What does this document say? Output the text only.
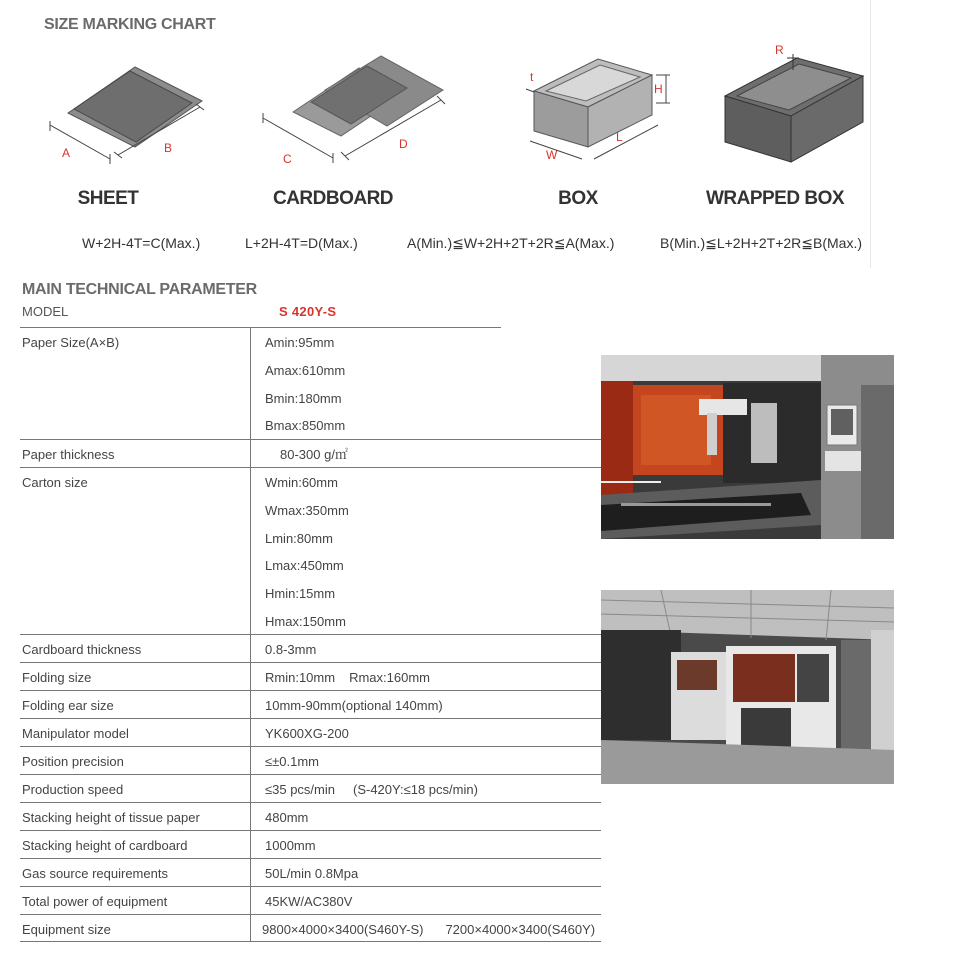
SIZE MARKING CHART
A	B
C
D
t
H
L
W
R
SHEET	CARDBOARD	BOX	WRAPPED BOX
W+2H-4T=C(Max.)	L+2H-4T=D(Max.)	A(Min.)≦W+2H+2T+2R≦A(Max.)	B(Min.)≦L+2H+2T+2R≦B(Max.)
MAIN TECHNICAL PARAMETER
MODEL	S 420Y-S
Paper Size(A×B)	Amin:95mm
Amax:610mm
Bmin:180mm
Bmax:850mm
Paper thickness	80-300 g/㎡
Carton size	Wmin:60mm
Wmax:350mm
Lmin:80mm
Lmax:450mm
Hmin:15mm
Hmax:150mm
Cardboard thickness	0.8-3mm
Folding size	Rmin:10mm Rmax:160mm
Folding ear size	10mm-90mm(optional 140mm)
Manipulator model	YK600XG-200
Position precision	≤±0.1mm
Production speed	≤35 pcs/min (S-420Y:≤18 pcs/min)
Stacking height of tissue paper	480mm
Stacking height of cardboard	1000mm
Gas source requirements	50L/min 0.8Mpa
Total power of equipment	45KW/AC380V
Equipment size	9800×4000×3400(S460Y-S) 7200×4000×3400(S460Y)
